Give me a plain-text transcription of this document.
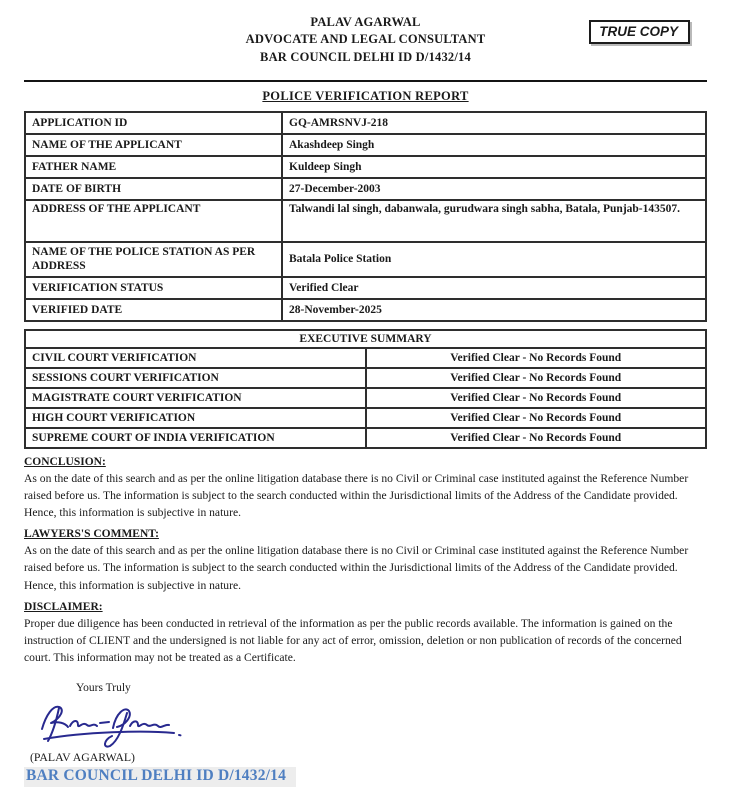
PALAV AGARWAL
ADVOCATE AND LEGAL CONSULTANT
BAR COUNCIL DELHI ID D/1432/14
TRUE COPY
POLICE VERIFICATION REPORT
APPLICATION ID	GQ-AMRSNVJ-218
NAME OF THE APPLICANT	Akashdeep Singh
FATHER NAME	Kuldeep Singh
DATE OF BIRTH	27-December-2003
ADDRESS OF THE APPLICANT	Talwandi lal singh, dabanwala, gurudwara singh sabha, Batala, Punjab-143507.
NAME OF THE POLICE STATION AS PER ADDRESS	Batala Police Station
VERIFICATION STATUS	Verified Clear
VERIFIED DATE	28-November-2025
EXECUTIVE SUMMARY	
CIVIL COURT VERIFICATION	Verified Clear - No Records Found
SESSIONS COURT VERIFICATION	Verified Clear - No Records Found
MAGISTRATE COURT VERIFICATION	Verified Clear - No Records Found
HIGH COURT VERIFICATION	Verified Clear - No Records Found
SUPREME COURT OF INDIA VERIFICATION	Verified Clear - No Records Found
CONCLUSION:

As on the date of this search and as per the online litigation database there is no Civil or Criminal case instituted against the Reference Number raised before us. The information is subject to the search conducted within the Jurisdictional limits of the Address of the Candidate provided. Hence, this information is subjective in nature.

LAWYERS'S COMMENT:

As on the date of this search and as per the online litigation database there is no Civil or Criminal case instituted against the Reference Number raised before us. The information is subject to the search conducted within the Jurisdictional limits of the Address of the Candidate provided. Hence, this information is subjective in nature.

DISCLAIMER:

Proper due diligence has been conducted in retrieval of the information as per the public records available. The information is gained on the instruction of CLIENT and the undersigned is not liable for any act of error, omission, deletion or non publication of records of the concerned court. This information may not be treated as a Certificate.

Yours Truly
(PALAV AGARWAL)
BAR COUNCIL DELHI ID D/1432/14
